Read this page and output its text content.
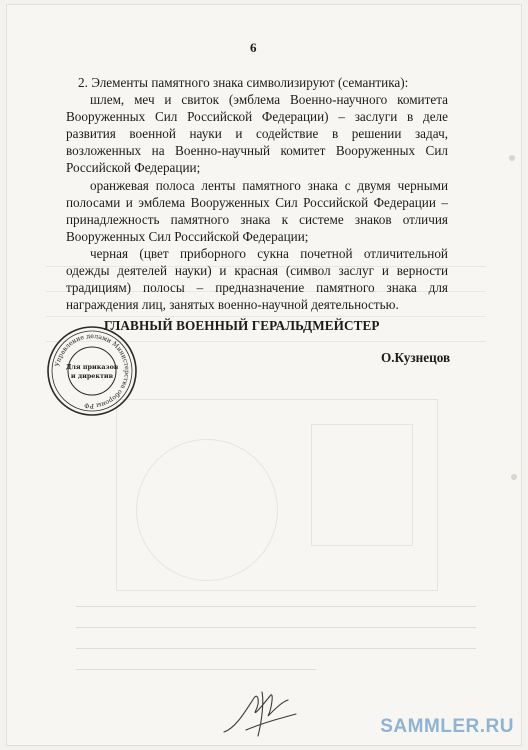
6

2. Элементы памятного знака символизируют (семантика):

шлем, меч и свиток (эмблема Военно-научного комитета Вооруженных Сил Российской Федерации) – заслуги в деле развития военной науки и содействие в решении задач, возложенных на Военно-научный комитет Вооруженных Сил Российской Федерации;

оранжевая полоса ленты памятного знака с двумя черными полосами и эмблема Вооруженных Сил Российской Федерации – принадлежность памятного знака к системе знаков отличия Вооруженных Сил Российской Федерации;

черная (цвет приборного сукна почетной отличительной одежды деятелей науки) и красная (символ заслуг и верности традициям) полосы – предназначение памятного знака для награждения лиц, занятых военно-научной деятельностью.

ГЛАВНЫЙ ВОЕННЫЙ ГЕРАЛЬДМЕЙСТЕР
О.Кузнецов
Управление делами Министерства обороны РФ
Для приказов
и директив
SAMMLER.RU
